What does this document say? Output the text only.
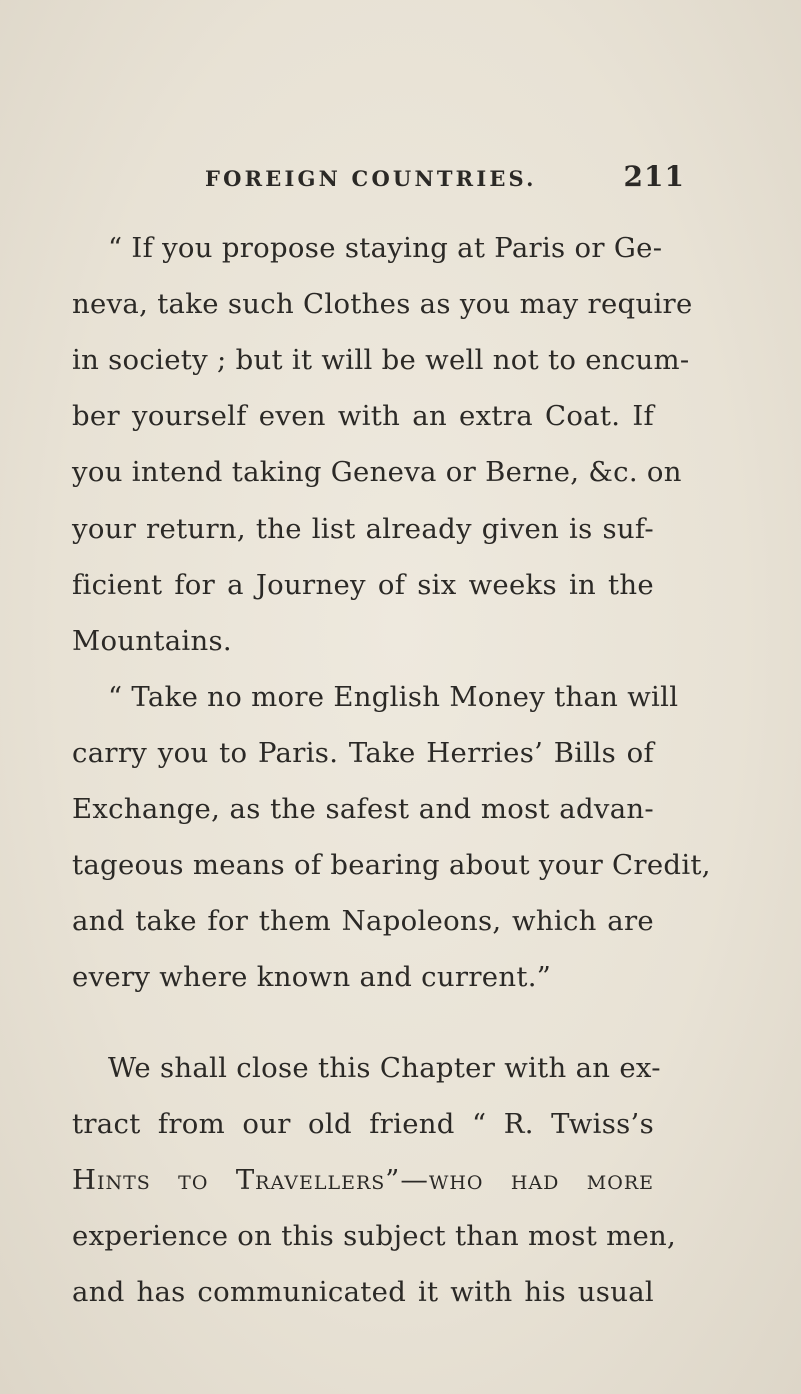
FOREIGN COUNTRIES.	211
“ If you propose staying at Paris or Ge-
neva, take such Clothes as you may require
in society ; but it will be well not to encum-
ber yourself even with an extra Coat. If
you intend taking Geneva or Berne, &c. on
your return, the list already given is suf-
ficient for a Journey of six weeks in the
Mountains.
“ Take no more English Money than will
carry you to Paris. Take Herries’ Bills of
Exchange, as the safest and most advan-
tageous means of bearing about your Credit,
and take for them Napoleons, which are
every where known and current.”
We shall close this Chapter with an ex-
tract from our old friend “ R. Twiss’s
Hints to Travellers”—who had more
experience on this subject than most men,
and has communicated it with his usual
